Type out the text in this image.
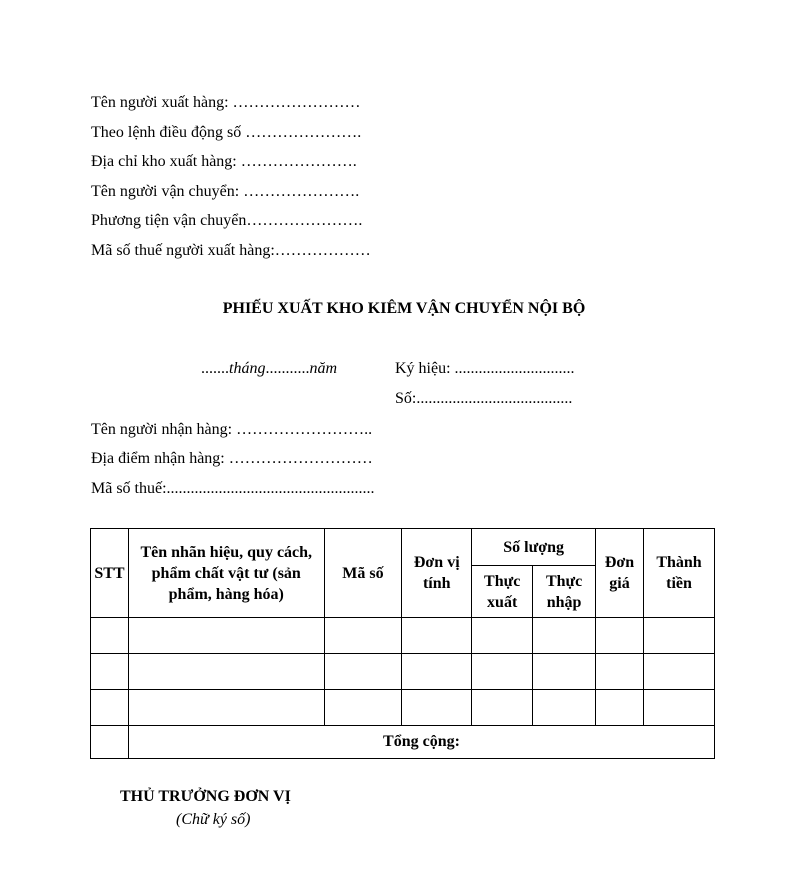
Tên người xuất hàng: ……………………
Theo lệnh điều động số ………………….
Địa chỉ kho xuất hàng: ………………….
Tên người vận chuyển: ………………….
Phương tiện vận chuyển………………….
Mã số thuế người xuất hàng:………………
PHIẾU XUẤT KHO KIÊM VẬN CHUYỂN NỘI BỘ
.......tháng...........năm	Ký hiệu: ..............................
Số:.......................................
Tên người nhận hàng: ……………………..
Địa điểm nhận hàng: ………………………
Mã số thuế:....................................................
STT	Tên nhãn hiệu, quy cách, phẩm chất vật tư (sản phẩm, hàng hóa)	Mã số	Đơn vị tính	Số lượng		Đơn giá	Thành tiền
				Thực xuất	Thực nhập		

	Tổng cộng:						
THỦ TRƯỞNG ĐƠN VỊ
(Chữ ký số)
